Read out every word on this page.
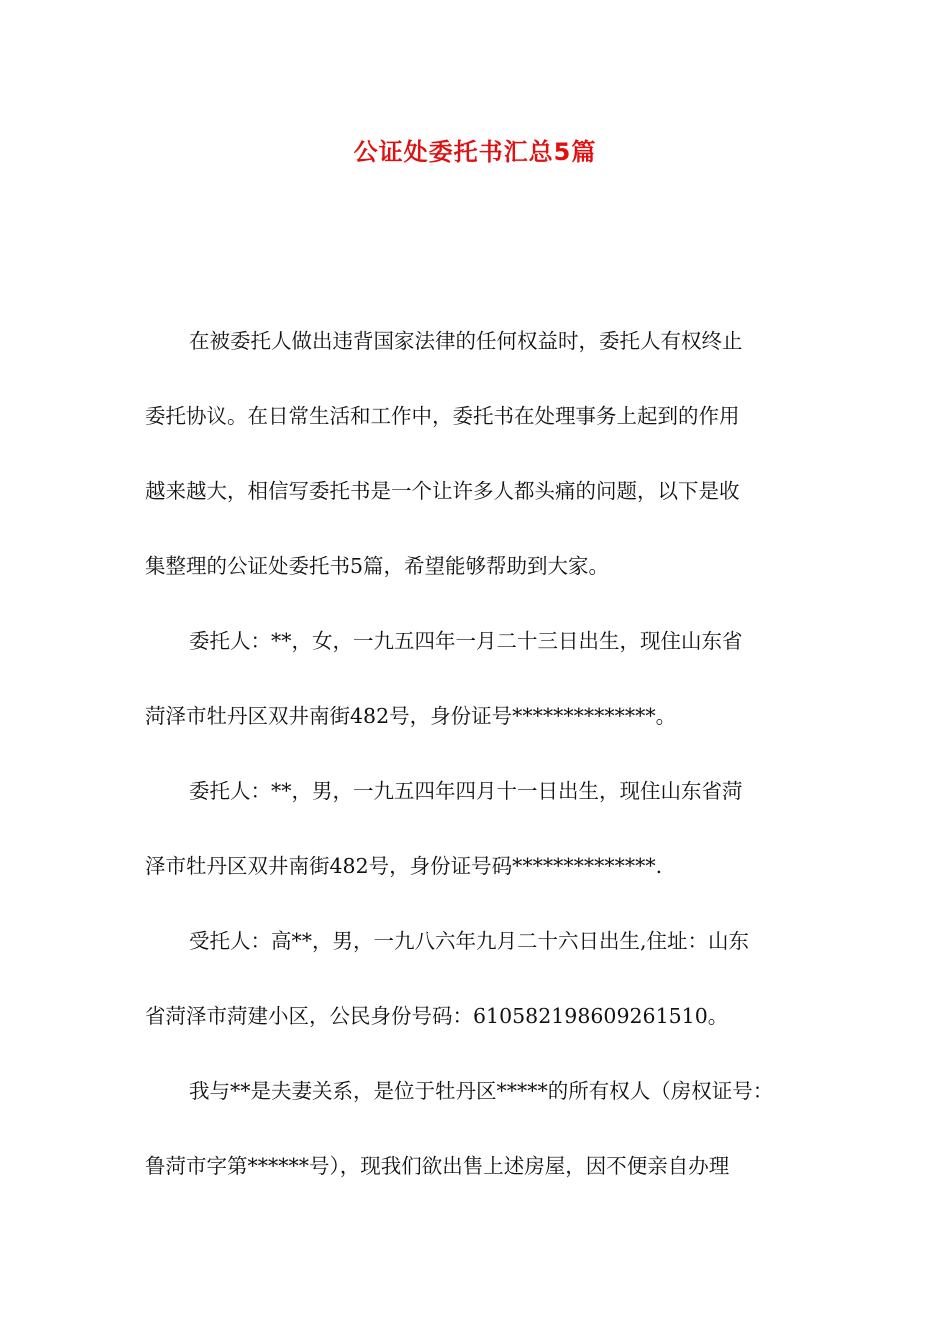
公证处委托书汇总5篇
在被委托人做出违背国家法律的任何权益时，委托人有权终止
委托协议。在日常生活和工作中，委托书在处理事务上起到的作用
越来越大，相信写委托书是一个让许多人都头痛的问题，以下是收
集整理的公证处委托书5篇，希望能够帮助到大家。
委托人：**，女，一九五四年一月二十三日出生，现住山东省
菏泽市牡丹区双井南街482号，身份证号**************。
委托人：**，男，一九五四年四月十一日出生，现住山东省菏
泽市牡丹区双井南街482号，身份证号码**************.
受托人：高**，男，一九八六年九月二十六日出生,住址：山东
省菏泽市菏建小区，公民身份号码：610582198609261510。
我与**是夫妻关系，是位于牡丹区*****的所有权人（房权证号：
鲁菏市字第******号），现我们欲出售上述房屋，因不便亲自办理
